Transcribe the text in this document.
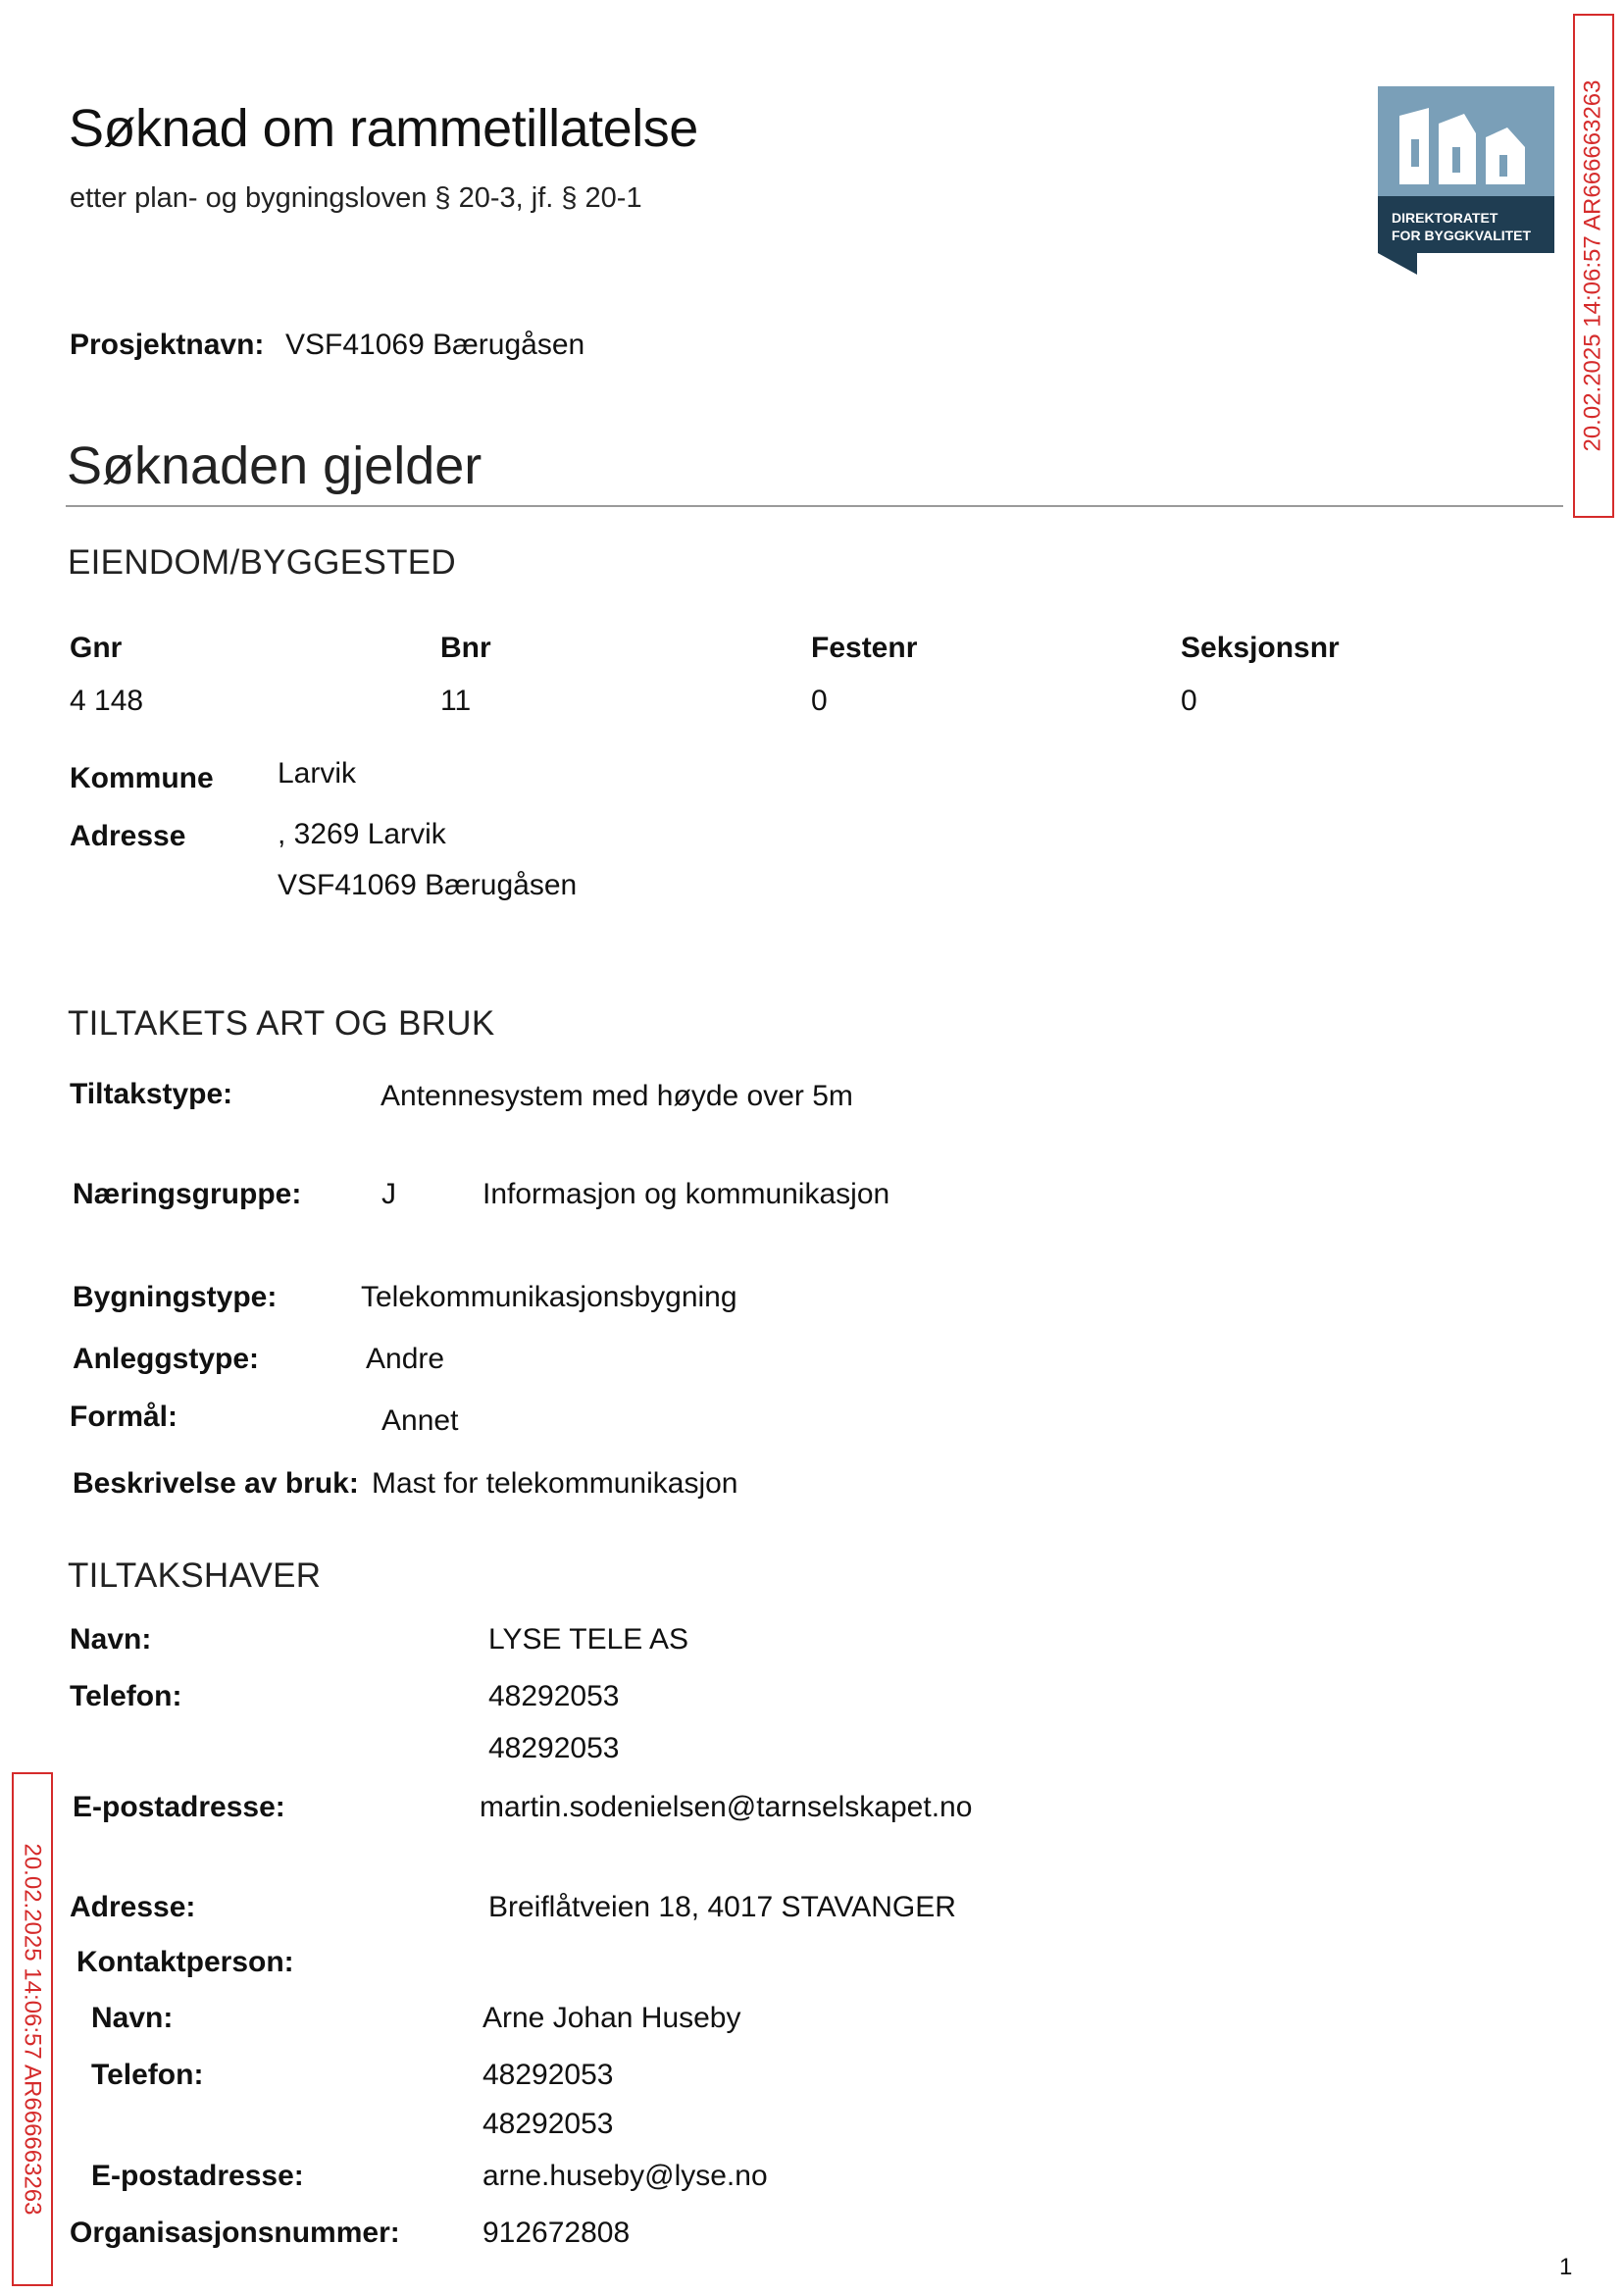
Søknad om rammetillatelse
etter plan- og bygningsloven § 20-3, jf. § 20-1
DIREKTORATET
FOR BYGGKVALITET 20.02.2025 14:06:57 AR666663263
20.02.2025 14:06:57 AR666663263
Prosjektnavn: VSF41069 Bærugåsen
Søknaden gjelder
EIENDOM/BYGGESTED
Gnr	Bnr	Festenr	Seksjonsnr
4 148	11	0	0
Kommune Larvik
Adresse	, 3269 Larvik
VSF41069 Bærugåsen
TILTAKETS ART OG BRUK
Tiltakstype:	Antennesystem med høyde over 5m
Næringsgruppe:	J	Informasjon og kommunikasjon
Bygningstype:	Telekommunikasjonsbygning
Anleggstype:	Andre
Formål:	Annet
Beskrivelse av bruk: Mast for telekommunikasjon
TILTAKSHAVER
Navn:	LYSE TELE AS
Telefon:	48292053
48292053
E-postadresse:	martin.sodenielsen@tarnselskapet.no
Adresse:	Breiflåtveien 18, 4017 STAVANGER
Kontaktperson:
Navn:	Arne Johan Huseby
Telefon:	48292053
48292053
E-postadresse:	arne.huseby@lyse.no
Organisasjonsnummer:	912672808
1
